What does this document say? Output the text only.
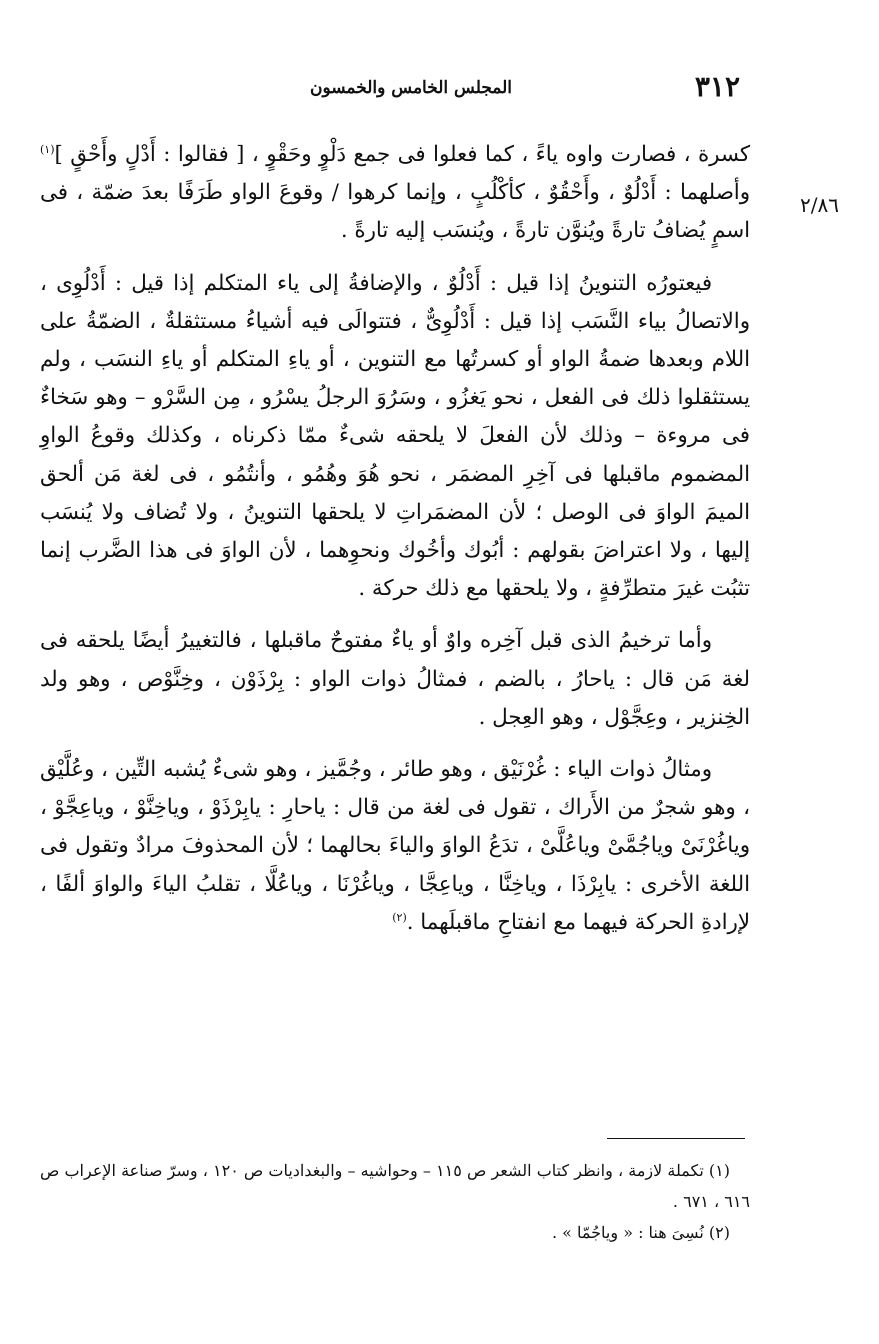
٣١٢
المجلس الخامس والخمسون
٢/٨٦

كسرة ، فصارت واوه ياءً ، كما فعلوا فى جمع دَلْوٍ وحَقْوٍ ، [ فقالوا : أَدْلٍ وأَحْقٍ ]$^{(١)}$ وأصلهما : أَدْلُوٌ ، وأَحْقُوٌ ، كأكْلُبٍ ، وإنما كرهوا / وقوعَ الواو طَرَفًا بعدَ ضمّة ، فى اسمٍ يُضافُ تارةً ويُنوَّن تارةً ، ويُنسَب إليه تارةً .

فيعتورُه التنوينُ إذا قيل : أَدْلُوٌ ، والإضافةُ إلى ياء المتكلم إذا قيل : أَدْلُوِى ، والاتصالُ بياء النَّسَب إذا قيل : أَدْلُوِىٌّ ، فتتوالَى فيه أشياءُ مستثقلةٌ ، الضمّةُ على اللام وبعدها ضمةُ الواو أو كسرتُها مع التنوين ، أو ياءِ المتكلم أو ياءِ النسَب ، ولم يستثقلوا ذلك فى الفعل ، نحو يَغزُو ، وسَرُوَ الرجلُ يسْرُو ، مِن السَّرْو – وهو سَخاءٌ فى مروءة – وذلك لأن الفعلَ لا يلحقه شىءٌ ممّا ذكرناه ، وكذلك وقوعُ الواوِ المضموم ماقبلها فى آخِرِ المضمَر ، نحو هُوَ وهُمُو ، وأنتُمُو ، فى لغة مَن ألحق الميمَ الواوَ فى الوصل ؛ لأن المضمَراتِ لا يلحقها التنوينُ ، ولا تُضاف ولا يُنسَب إليها ، ولا اعتراضَ بقولهم : أبُوك وأخُوك ونحوِهما ، لأن الواوَ فى هذا الضَّرب إنما تثبُت غيرَ متطرِّفةٍ ، ولا يلحقها مع ذلك حركة .

وأما ترخيمُ الذى قبل آخِره واوٌ أو ياءٌ مفتوحٌ ماقبلها ، فالتغييرُ أيضًا يلحقه فى لغة مَن قال : ياحارُ ، بالضم ، فمثالُ ذوات الواو : بِرْذَوْن ، وخِنَّوْص ، وهو ولد الخِنزير ، وعِجَّوْل ، وهو العِجل .

ومثالُ ذوات الياء : غُرْنَيْق ، وهو طائر ، وجُمَّيز ، وهو شىءٌ يُشبه التِّين ، وعُلَّيْق ، وهو شجرٌ من الأَراك ، تقول فى لغة من قال : ياحارِ : يابِرْذَوْ ، وياخِنَّوْ ، وياعِجَّوْ ، وياغُرْنَىْ وياجُمَّىْ وياعُلَّىْ ، تدَعُ الواوَ والياءَ بحالهما ؛ لأن المحذوفَ مرادٌ وتقول فى اللغة الأخرى : يابِرْذَا ، وياخِنَّا ، وياعِجَّا ، وياغُرْنَا ، وياعُلَّا ، تقلبُ الياءَ والواوَ ألفًا ، لإرادةِ الحركة فيهما مع انفتاحِ ماقبلَهما .$^{(٢)}$

(١) تكملة لازمة ، وانظر كتاب الشعر ص ١١٥ – وحواشيه – والبغداديات ص ١٢٠ ، وسرّ صناعة الإعراب ص ٦١٦ ، ٦٧١ .

(٢) نُسِىَ هنا : « وياجُمّا » .
